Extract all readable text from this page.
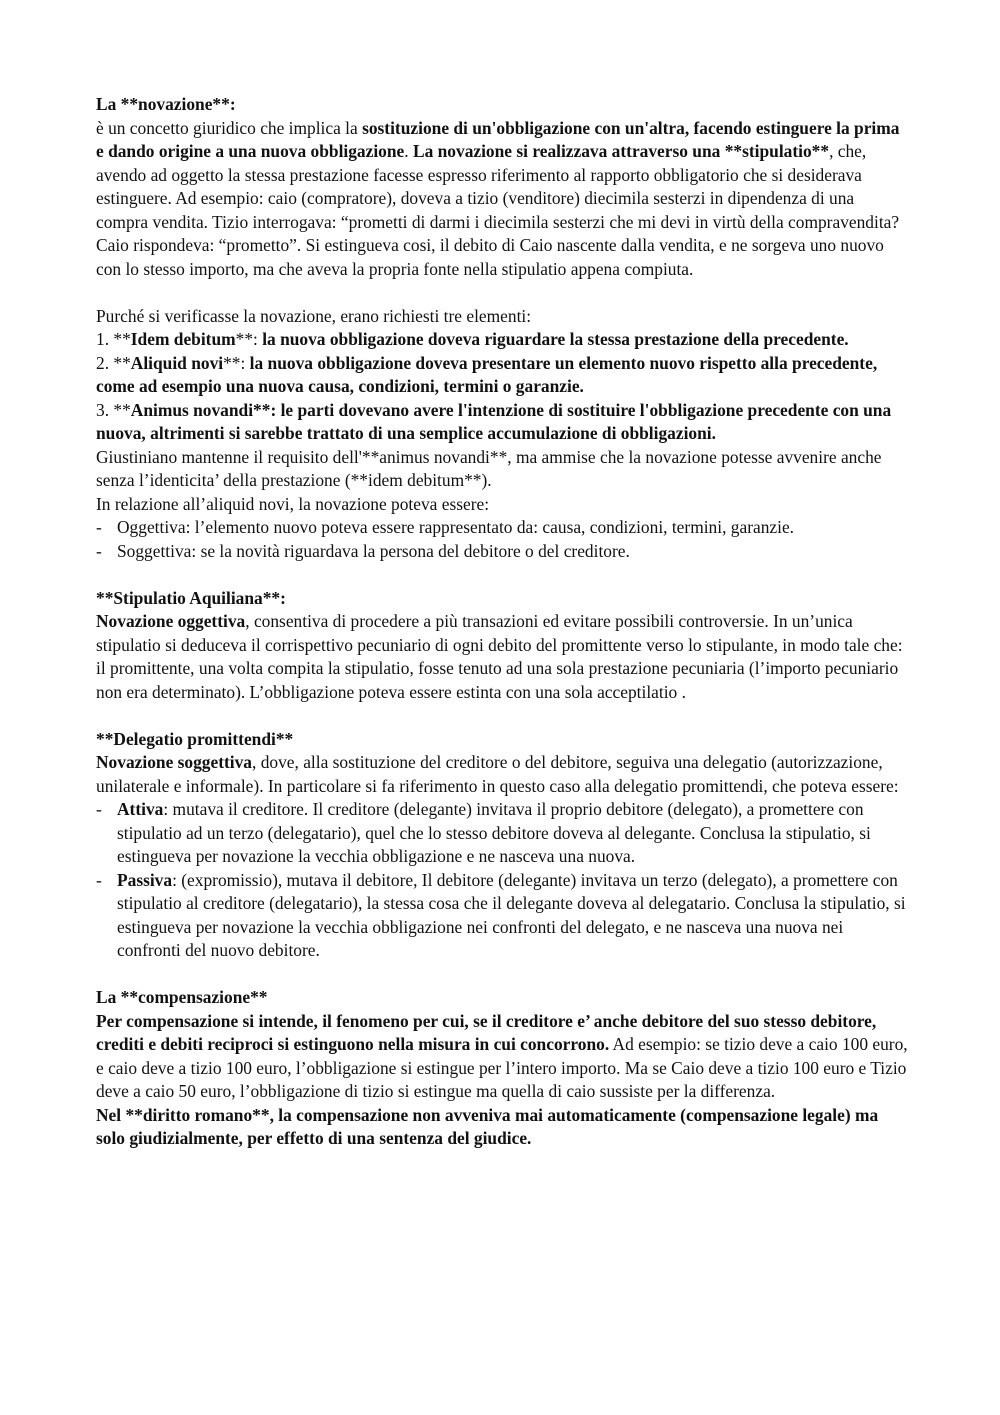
La **novazione**:

è un concetto giuridico che implica la sostituzione di un'obbligazione con un'altra, facendo estinguere la prima e dando origine a una nuova obbligazione. La novazione si realizzava attraverso una **stipulatio**, che, avendo ad oggetto la stessa prestazione facesse espresso riferimento al rapporto obbligatorio che si desiderava estinguere. Ad esempio: caio (compratore), doveva a tizio (venditore) diecimila sesterzi in dipendenza di una compra vendita. Tizio interrogava: “prometti di darmi i diecimila sesterzi che mi devi in virtù della compravendita? Caio rispondeva: “prometto”. Si estingueva cosi, il debito di Caio nascente dalla vendita, e ne sorgeva uno nuovo con lo stesso importo, ma che aveva la propria fonte nella stipulatio appena compiuta.

Purché si verificasse la novazione, erano richiesti tre elementi:

1. **Idem debitum**: la nuova obbligazione doveva riguardare la stessa prestazione della precedente.

2. **Aliquid novi**: la nuova obbligazione doveva presentare un elemento nuovo rispetto alla precedente, come ad esempio una nuova causa, condizioni, termini o garanzie.

3. **Animus novandi**: le parti dovevano avere l'intenzione di sostituire l'obbligazione precedente con una nuova, altrimenti si sarebbe trattato di una semplice accumulazione di obbligazioni.

Giustiniano mantenne il requisito dell'**animus novandi**, ma ammise che la novazione potesse avvenire anche senza l’identicita’ della prestazione (**idem debitum**).

In relazione all’aliquid novi, la novazione poteva essere:

- Oggettiva: l’elemento nuovo poteva essere rappresentato da: causa, condizioni, termini, garanzie.

- Soggettiva: se la novità riguardava la persona del debitore o del creditore.

**Stipulatio Aquiliana**:

Novazione oggettiva, consentiva di procedere a più transazioni ed evitare possibili controversie. In un’unica stipulatio si deduceva il corrispettivo pecuniario di ogni debito del promittente verso lo stipulante, in modo tale che: il promittente, una volta compita la stipulatio, fosse tenuto ad una sola prestazione pecuniaria (l’importo pecuniario non era determinato). L’obbligazione poteva essere estinta con una sola acceptilatio .

**Delegatio promittendi**

Novazione soggettiva, dove, alla sostituzione del creditore o del debitore, seguiva una delegatio (autorizzazione, unilaterale e informale). In particolare si fa riferimento in questo caso alla delegatio promittendi, che poteva essere:

- Attiva: mutava il creditore. Il creditore (delegante) invitava il proprio debitore (delegato), a promettere con stipulatio ad un terzo (delegatario), quel che lo stesso debitore doveva al delegante. Conclusa la stipulatio, si estingueva per novazione la vecchia obbligazione e ne nasceva una nuova.

- Passiva: (expromissio), mutava il debitore, Il debitore (delegante) invitava un terzo (delegato), a promettere con stipulatio al creditore (delegatario), la stessa cosa che il delegante doveva al delegatario. Conclusa la stipulatio, si estingueva per novazione la vecchia obbligazione nei confronti del delegato, e ne nasceva una nuova nei confronti del nuovo debitore.

La **compensazione**

Per compensazione si intende, il fenomeno per cui, se il creditore e’ anche debitore del suo stesso debitore, crediti e debiti reciproci si estinguono nella misura in cui concorrono. Ad esempio: se tizio deve a caio 100 euro, e caio deve a tizio 100 euro, l’obbligazione si estingue per l’intero importo. Ma se Caio deve a tizio 100 euro e Tizio deve a caio 50 euro, l’obbligazione di tizio si estingue ma quella di caio sussiste per la differenza.

Nel **diritto romano**, la compensazione non avveniva mai automaticamente (compensazione legale) ma solo giudizialmente, per effetto di una sentenza del giudice.
